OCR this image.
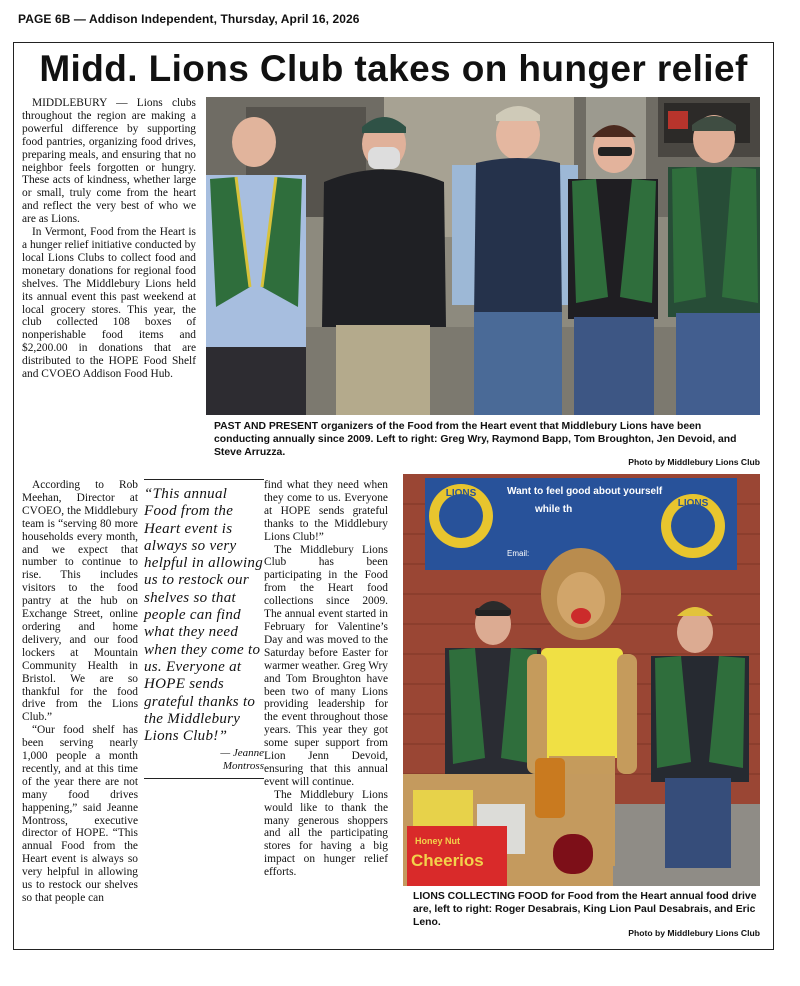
PAGE 6B — Addison Independent, Thursday, April 16, 2026
Midd. Lions Club takes on hunger relief

MIDDLEBURY — Lions clubs throughout the region are making a powerful difference by supporting food pantries, organizing food drives, preparing meals, and ensuring that no neighbor feels forgotten or hungry. These acts of kindness, whether large or small, truly come from the heart and reflect the very best of who we are as Lions.

In Vermont, Food from the Heart is a hunger relief initiative conducted by local Lions Clubs to collect food and monetary donations for regional food shelves. The Middlebury Lions held its annual event this past weekend at local grocery stores. This year, the club collected 108 boxes of nonperishable food items and $2,200.00 in donations that are distributed to the HOPE Food Shelf and CVOEO Addison Food Hub.

According to Rob Meehan, Director at CVOEO, the Middlebury team is “serving 80 more households every month, and we expect that number to continue to rise. This includes visitors to the food pantry at the hub on Exchange Street, online ordering and home delivery, and our food lockers at Mountain Community Health in Bristol. We are so thankful for the food drive from the Lions Club.”

“Our food shelf has been serving nearly 1,000 people a month recently, and at this time of the year there are not many food drives happening,” said Jeanne Montross, executive director of HOPE. “This annual Food from the Heart event is always so very helpful in allowing us to restock our shelves so that people can

“This annual Food from the Heart event is always so very helpful in allowing us to restock our shelves so that people can find what they need when they come to us. Everyone at HOPE sends grateful thanks to the Middlebury Lions Club!”
— Jeanne
Montross

find what they need when they come to us. Everyone at HOPE sends grateful thanks to the Middlebury Lions Club!”

The Middlebury Lions Club has been participating in the Food from the Heart food collections since 2009. The annual event started in February for Valentine’s Day and was moved to the Saturday before Easter for warmer weather. Greg Wry and Tom Broughton have been two of many Lions providing leadership for the event throughout those years. This year they got some super support from Lion Jenn Devoid, ensuring that this annual event will continue.

The Middlebury Lions would like to thank the many generous shoppers and all the participating stores for having a big impact on hunger relief efforts.

PAST AND PRESENT organizers of the Food from the Heart event that Middlebury Lions have been conducting annually since 2009. Left to right: Greg Wry, Raymond Bapp, Tom Broughton, Jen Devoid, and Steve Arruzza.
Photo by Middlebury Lions Club
LIONS
LIONS
Want to feel good about yourself
while th
Email:
Honey Nut
Cheerios
LIONS COLLECTING FOOD for Food from the Heart annual food drive are, left to right: Roger Desabrais, King Lion Paul Desabrais, and Eric Leno.
Photo by Middlebury Lions Club
